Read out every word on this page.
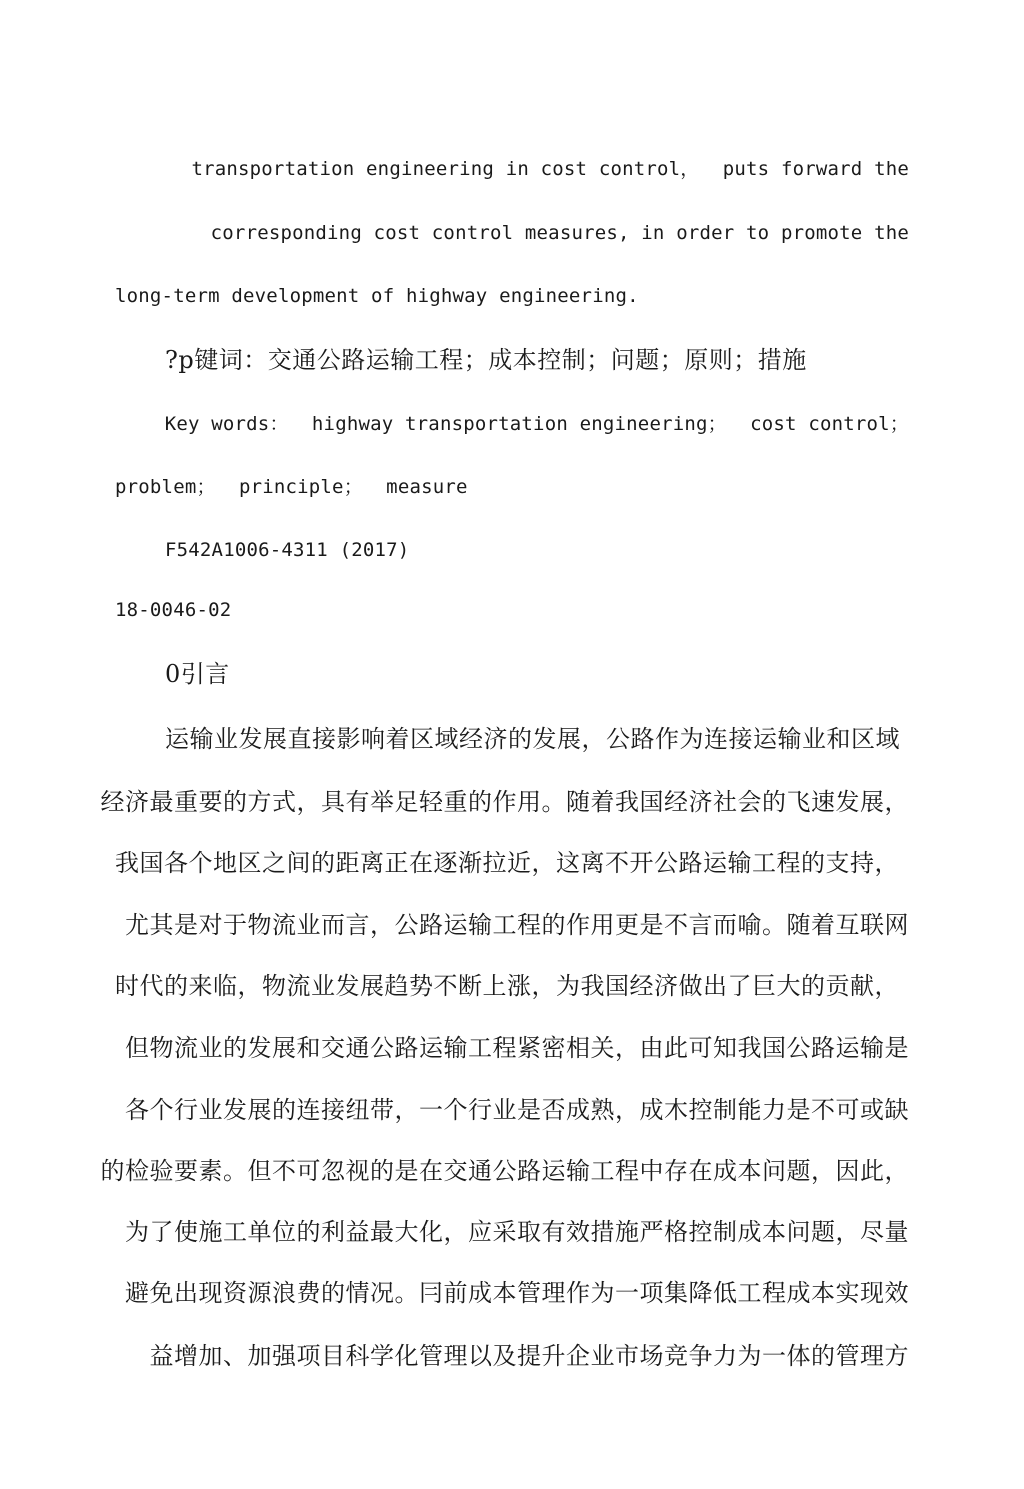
transportation engineering in cost control，  puts forward the
corresponding cost control measures, in order to promote the
long-term development of highway engineering.
?p键词：交通公路运输工程；成本控制；问题；原则；措施
Key words：  highway transportation engineering；  cost control；
problem；  principle；  measure
F542A1006-4311 (2017)
18-0046-02
0引言
运输业发展直接影响着区域经济的发展，公路作为连接运输业和区域
经济最重要的方式，具有举足轻重的作用。随着我国经济社会的飞速发展，
我国各个地区之间的距离正在逐渐拉近，这离不开公路运输工程的支持，
尤其是对于物流业而言，公路运输工程的作用更是不言而喻。随着互联网
时代的来临，物流业发展趋势不断上涨，为我国经济做出了巨大的贡献，
但物流业的发展和交通公路运输工程紧密相关，由此可知我国公路运输是
各个行业发展的连接纽带，一个行业是否成熟，成木控制能力是不可或缺
的检验要素。但不可忽视的是在交通公路运输工程中存在成本问题，因此，
为了使施工单位的利益最大化，应采取有效措施严格控制成本问题，尽量
避免出现资源浪费的情况。冃前成本管理作为一项集降低工程成本实现效
益增加、加强项目科学化管理以及提升企业市场竞争力为一体的管理方
